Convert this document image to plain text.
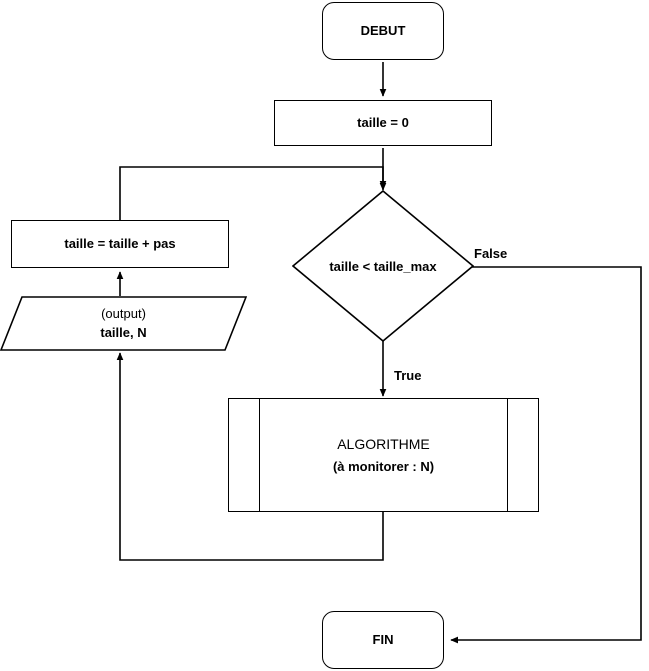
DEBUT
taille = 0
taille = taille + pas
(output)
taille, N
taille < taille_max
True
False
ALGORITHME
(à monitorer : N)
FIN
